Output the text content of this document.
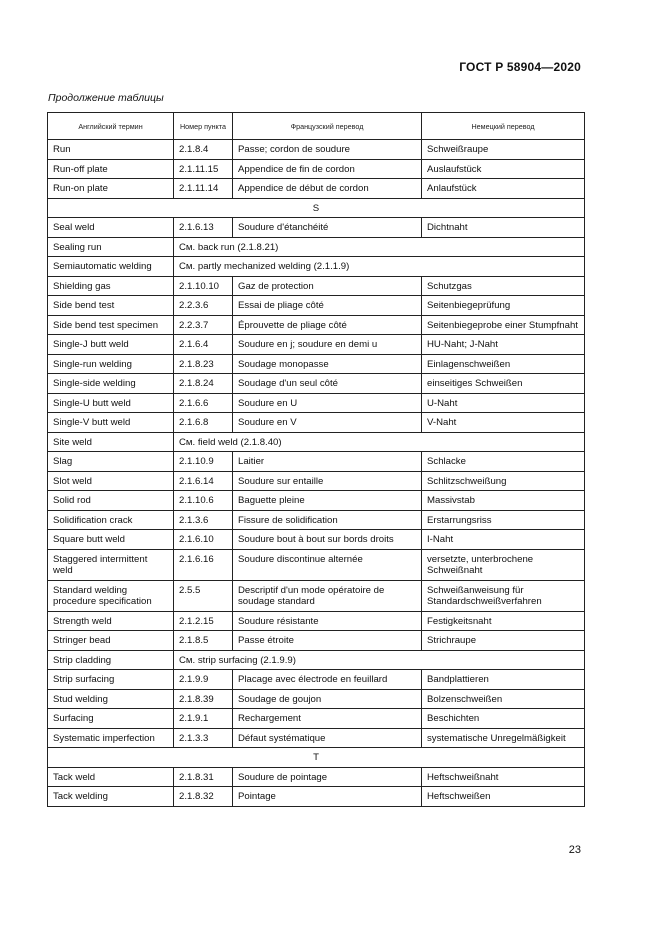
ГОСТ Р 58904—2020
Продолжение таблицы
Английский термин	Номер пункта	Французский перевод	Немецкий перевод
Run	2.1.8.4	Passe; cordon de soudure	Schweißraupe
Run-off plate	2.1.11.15	Appendice de fin de cordon	Auslaufstück
Run-on plate	2.1.11.14	Appendice de début de cordon	Anlaufstück
S			
Seal weld	2.1.6.13	Soudure d'étanchéité	Dichtnaht
Sealing run	См. back run (2.1.8.21)		
Semiautomatic welding	См. partly mechanized welding (2.1.1.9)		
Shielding gas	2.1.10.10	Gaz de protection	Schutzgas
Side bend test	2.2.3.6	Essai de pliage côté	Seitenbiegeprüfung
Side bend test specimen	2.2.3.7	Éprouvette de pliage côté	Seitenbiegeprobe einer Stumpfnaht
Single-J butt weld	2.1.6.4	Soudure en j; soudure en demi u	HU-Naht; J-Naht
Single-run welding	2.1.8.23	Soudage monopasse	Einlagenschweißen
Single-side welding	2.1.8.24	Soudage d'un seul côté	einseitiges Schweißen
Single-U butt weld	2.1.6.6	Soudure en U	U-Naht
Single-V butt weld	2.1.6.8	Soudure en V	V-Naht
Site weld	См. field weld (2.1.8.40)		
Slag	2.1.10.9	Laitier	Schlacke
Slot weld	2.1.6.14	Soudure sur entaille	Schlitzschweißung
Solid rod	2.1.10.6	Baguette pleine	Massivstab
Solidification crack	2.1.3.6	Fissure de solidification	Erstarrungsriss
Square butt weld	2.1.6.10	Soudure bout à bout sur bords droits	I-Naht
Staggered intermittent weld	2.1.6.16	Soudure discontinue alternée	versetzte, unterbrochene Schweißnaht
Standard welding procedure specification	2.5.5	Descriptif d'un mode opératoire de soudage standard	Schweißanweisung für Standardschweißverfahren
Strength weld	2.1.2.15	Soudure résistante	Festigkeitsnaht
Stringer bead	2.1.8.5	Passe étroite	Strichraupe
Strip cladding	См. strip surfacing (2.1.9.9)		
Strip surfacing	2.1.9.9	Placage avec électrode en feuillard	Bandplattieren
Stud welding	2.1.8.39	Soudage de goujon	Bolzenschweißen
Surfacing	2.1.9.1	Rechargement	Beschichten
Systematic imperfection	2.1.3.3	Défaut systématique	systematische Unregelmäßigkeit
T			
Tack weld	2.1.8.31	Soudure de pointage	Heftschweißnaht
Tack welding	2.1.8.32	Pointage	Heftschweißen
23
